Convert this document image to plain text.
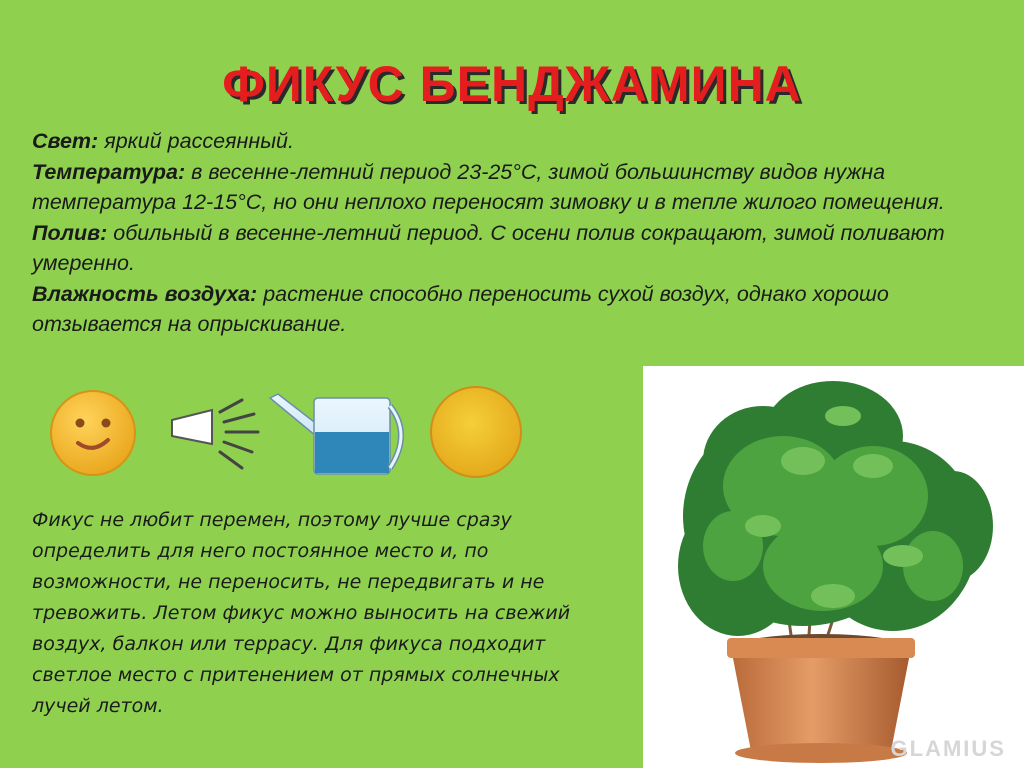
ФИКУС БЕНДЖАМИНА

Свет: яркий рассеянный.

Температура: в весенне-летний период 23-25°С, зимой большинству видов нужна температура 12-15°С, но они неплохо переносят зимовку и в тепле жилого помещения.

Полив: обильный в весенне-летний период. С осени полив сокращают, зимой поливают умеренно.

Влажность воздуха: растение способно переносить сухой воздух, однако хорошо отзывается на опрыскивание.

Фикус не любит перемен, поэтому лучше сразу определить для него постоянное место и, по возможности, не переносить, не передвигать и не тревожить. Летом фикус можно выносить на свежий воздух, балкон или террасу. Для фикуса подходит светлое место с притенением от прямых солнечных лучей летом.
GLAMIUS
